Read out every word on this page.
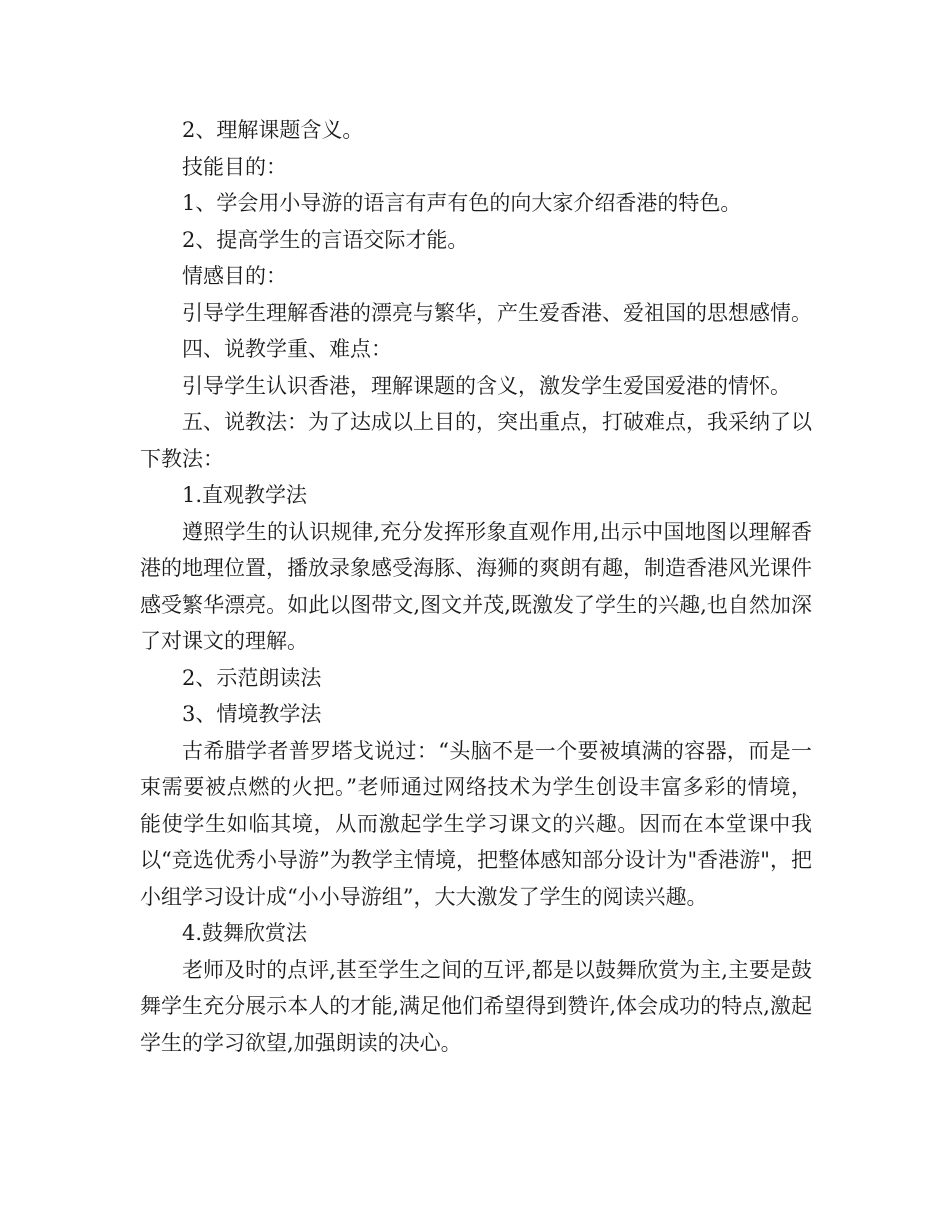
2、理解课题含义。

技能目的：

1、学会用小导游的语言有声有色的向大家介绍香港的特色。

2、提高学生的言语交际才能。

情感目的：

引导学生理解香港的漂亮与繁华，产生爱香港、爱祖国的思想感情。

四、说教学重、难点：

引导学生认识香港，理解课题的含义，激发学生爱国爱港的情怀。

五、说教法：为了达成以上目的，突出重点，打破难点，我采纳了以下教法：

1.直观教学法

遵照学生的认识规律,充分发挥形象直观作用,出示中国地图以理解香港的地理位置，播放录象感受海豚、海狮的爽朗有趣，制造香港风光课件感受繁华漂亮。如此以图带文,图文并茂,既激发了学生的兴趣,也自然加深了对课文的理解。

2、示范朗读法

3、情境教学法

古希腊学者普罗塔戈说过：“头脑不是一个要被填满的容器，而是一束需要被点燃的火把。”老师通过网络技术为学生创设丰富多彩的情境，能使学生如临其境，从而激起学生学习课文的兴趣。因而在本堂课中我以“竞选优秀小导游”为教学主情境，把整体感知部分设计为"香港游"，把小组学习设计成“小小导游组”，大大激发了学生的阅读兴趣。

4.鼓舞欣赏法

老师及时的点评,甚至学生之间的互评,都是以鼓舞欣赏为主,主要是鼓舞学生充分展示本人的才能,满足他们希望得到赞许,体会成功的特点,激起学生的学习欲望,加强朗读的决心。
